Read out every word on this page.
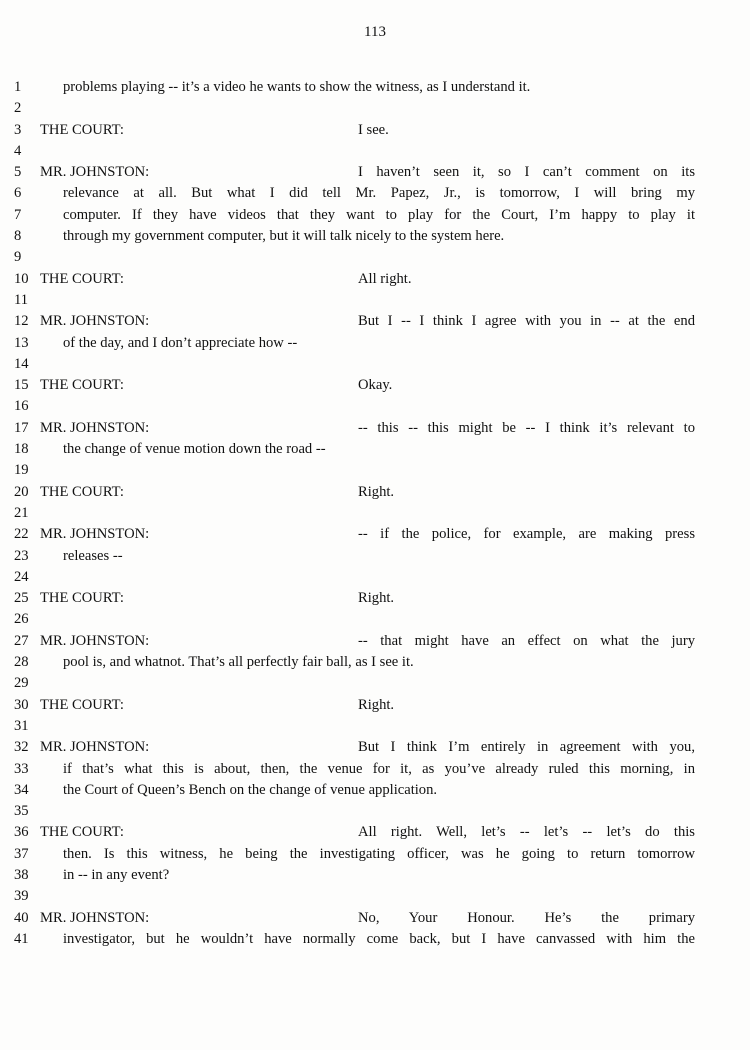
113
1	problems playing -- it’s a video he wants to show the witness, as I understand it.
2
3	THE COURT:	I see.
4
5	MR. JOHNSTON:	I haven’t seen it, so I can’t comment on its
6	relevance at all. But what I did tell Mr. Papez, Jr., is tomorrow, I will bring my
7	computer. If they have videos that they want to play for the Court, I’m happy to play it
8	through my government computer, but it will talk nicely to the system here.
9
10 THE COURT:	All right.
11
12 MR. JOHNSTON:	But I -- I think I agree with you in -- at the end
13	of the day, and I don’t appreciate how --
14
15 THE COURT:	Okay.
16
17 MR. JOHNSTON:	-- this -- this might be -- I think it’s relevant to
18	the change of venue motion down the road --
19
20 THE COURT:	Right.
21
22 MR. JOHNSTON:	-- if the police, for example, are making press
23	releases --
24
25 THE COURT:	Right.
26
27 MR. JOHNSTON:	-- that might have an effect on what the jury
28	pool is, and whatnot. That’s all perfectly fair ball, as I see it.
29
30 THE COURT:	Right.
31
32 MR. JOHNSTON:	But I think I’m entirely in agreement with you,
33	if that’s what this is about, then, the venue for it, as you’ve already ruled this morning, in
34	the Court of Queen’s Bench on the change of venue application.
35
36 THE COURT:	All right. Well, let’s -- let’s -- let’s do this
37	then. Is this witness, he being the investigating officer, was he going to return tomorrow
38	in -- in any event?
39
40 MR. JOHNSTON:	No, Your Honour. He’s the primary
41	investigator, but he wouldn’t have normally come back, but I have canvassed with him the
